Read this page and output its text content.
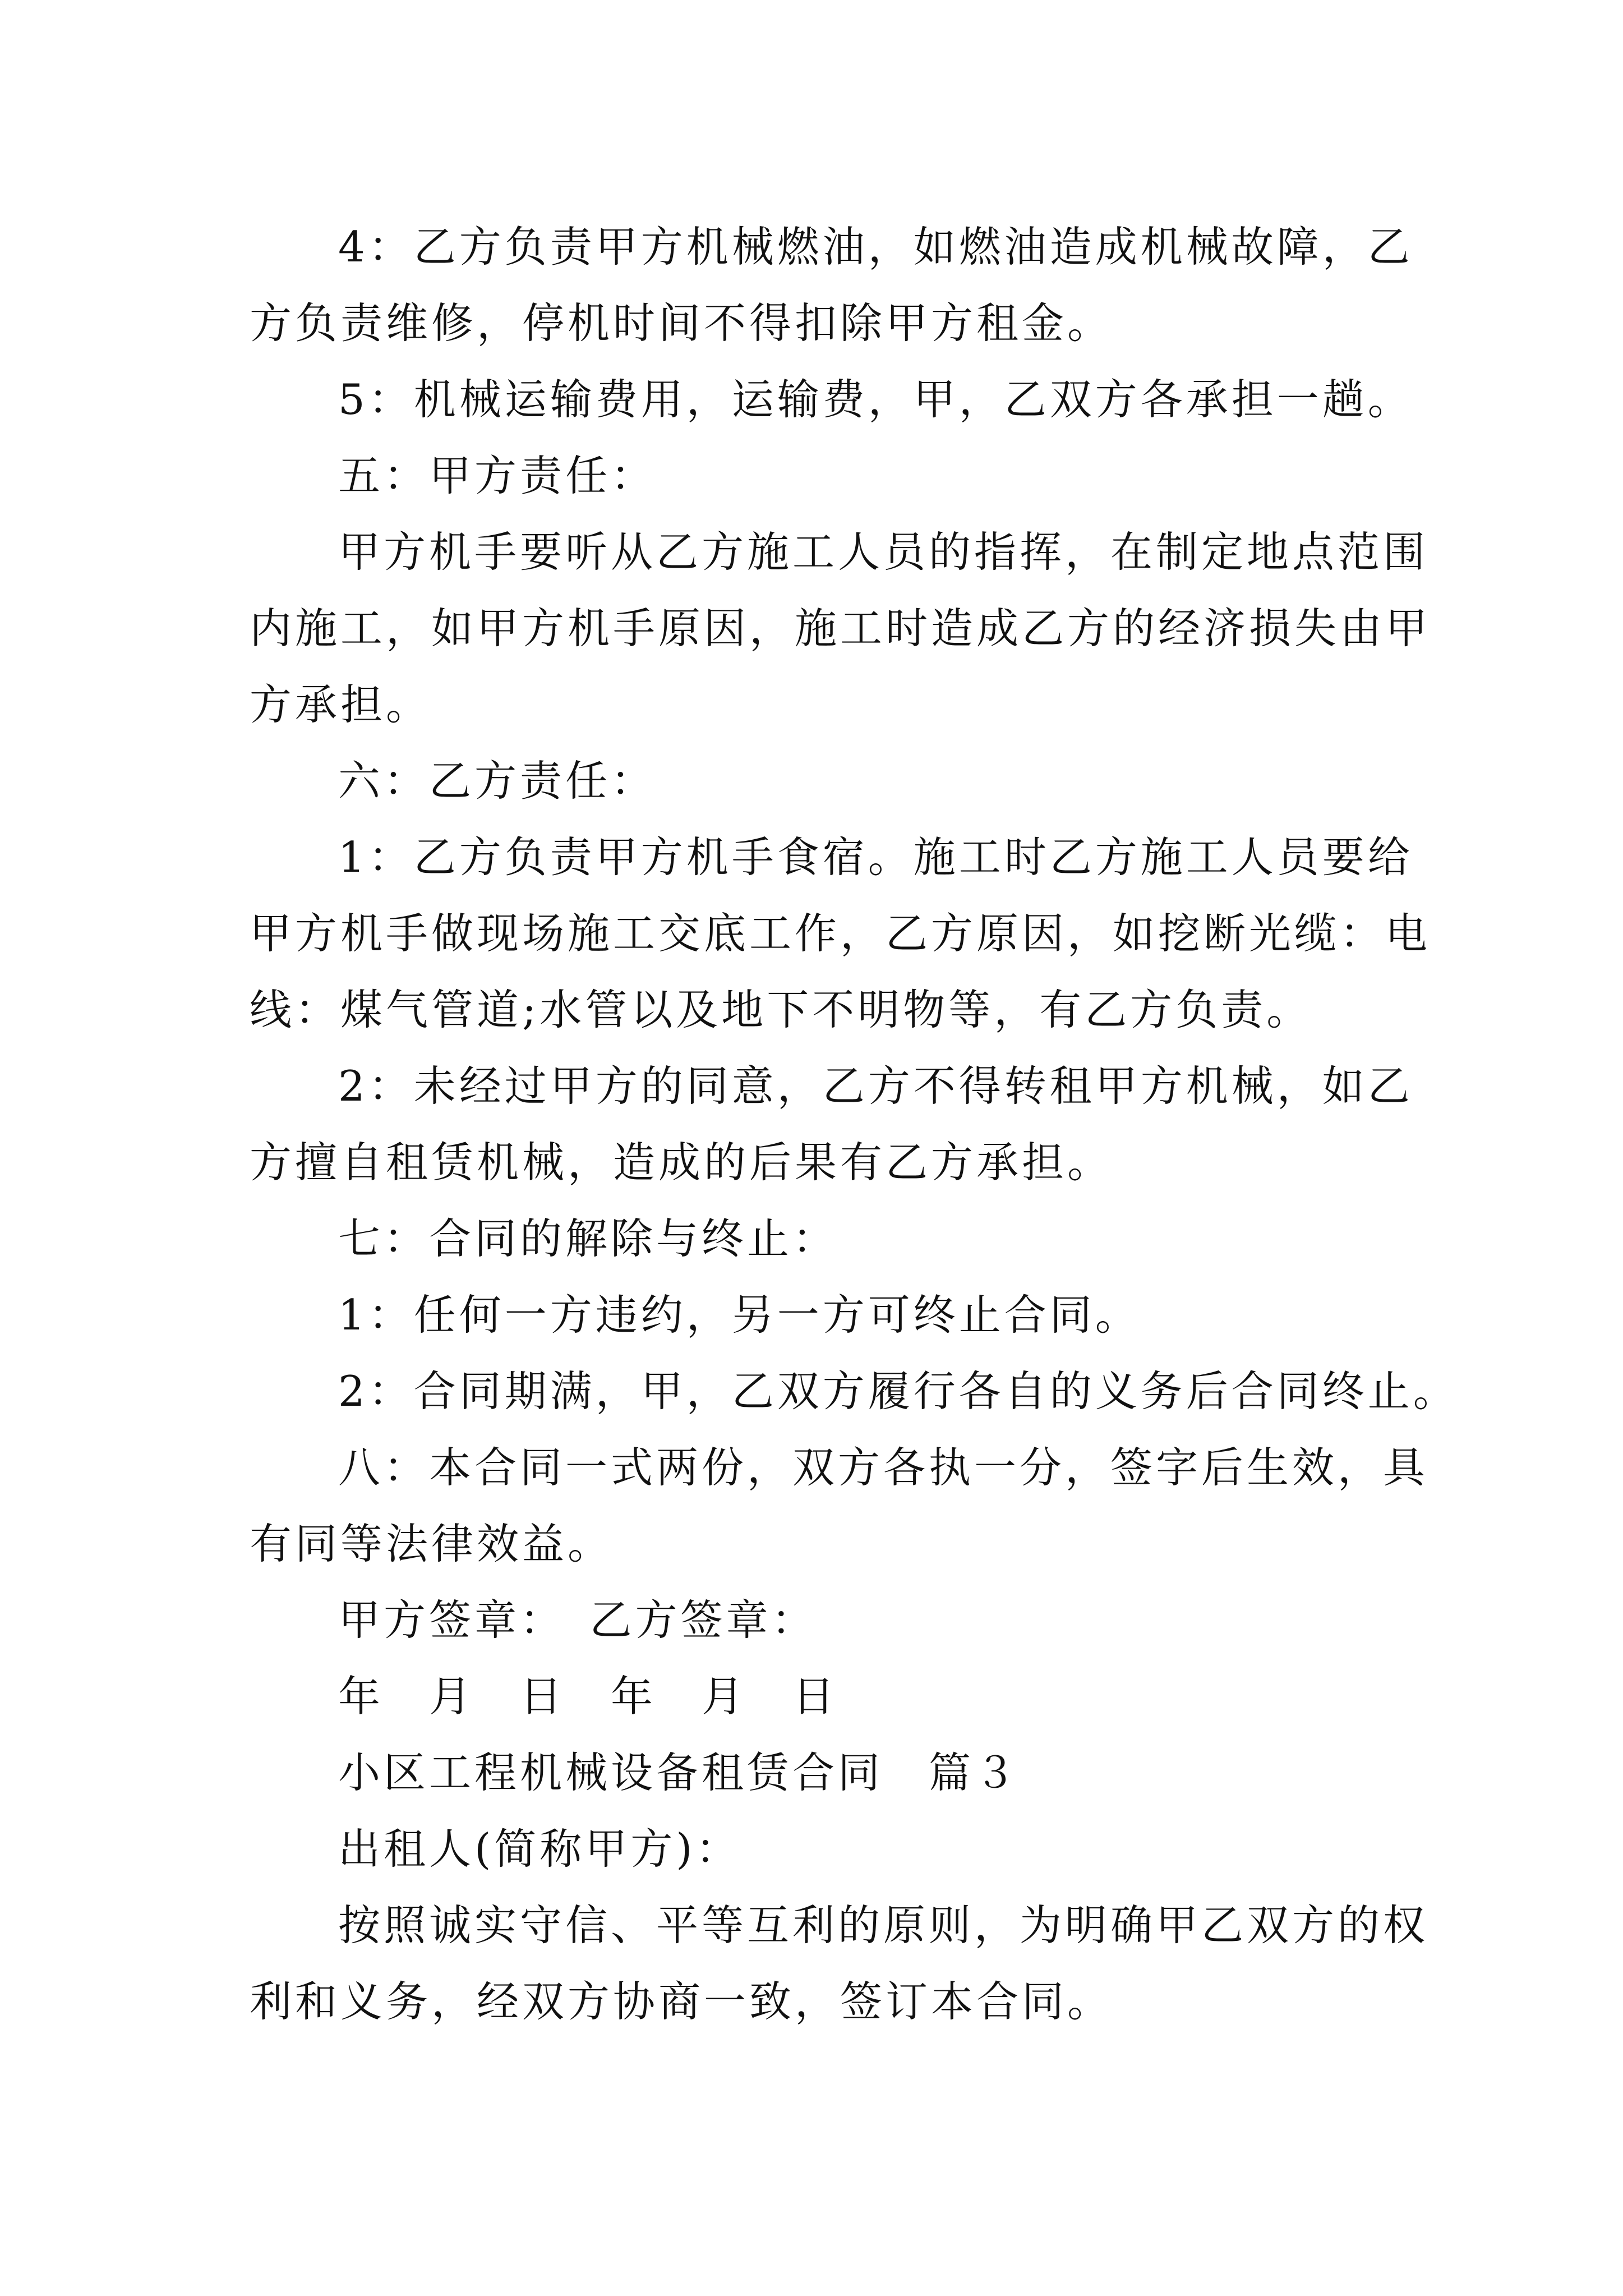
4：乙方负责甲方机械燃油，如燃油造成机械故障，乙
方负责维修，停机时间不得扣除甲方租金。

5：机械运输费用，运输费，甲，乙双方各承担一趟。

五：甲方责任：

甲方机手要听从乙方施工人员的指挥，在制定地点范围
内施工，如甲方机手原因，施工时造成乙方的经济损失由甲
方承担。

六：乙方责任：

1：乙方负责甲方机手食宿。施工时乙方施工人员要给
甲方机手做现场施工交底工作，乙方原因，如挖断光缆：电
线：煤气管道;水管以及地下不明物等，有乙方负责。

2：未经过甲方的同意，乙方不得转租甲方机械，如乙
方擅自租赁机械，造成的后果有乙方承担。

七：合同的解除与终止：

1：任何一方违约，另一方可终止合同。

2：合同期满，甲，乙双方履行各自的义务后合同终止。

八：本合同一式两份，双方各执一分，签字后生效，具
有同等法律效益。

甲方签章：　乙方签章：

年　月　日　年　月　日

小区工程机械设备租赁合同　篇３

出租人(简称甲方)：

按照诚实守信、平等互利的原则，为明确甲乙双方的权
利和义务，经双方协商一致，签订本合同。
